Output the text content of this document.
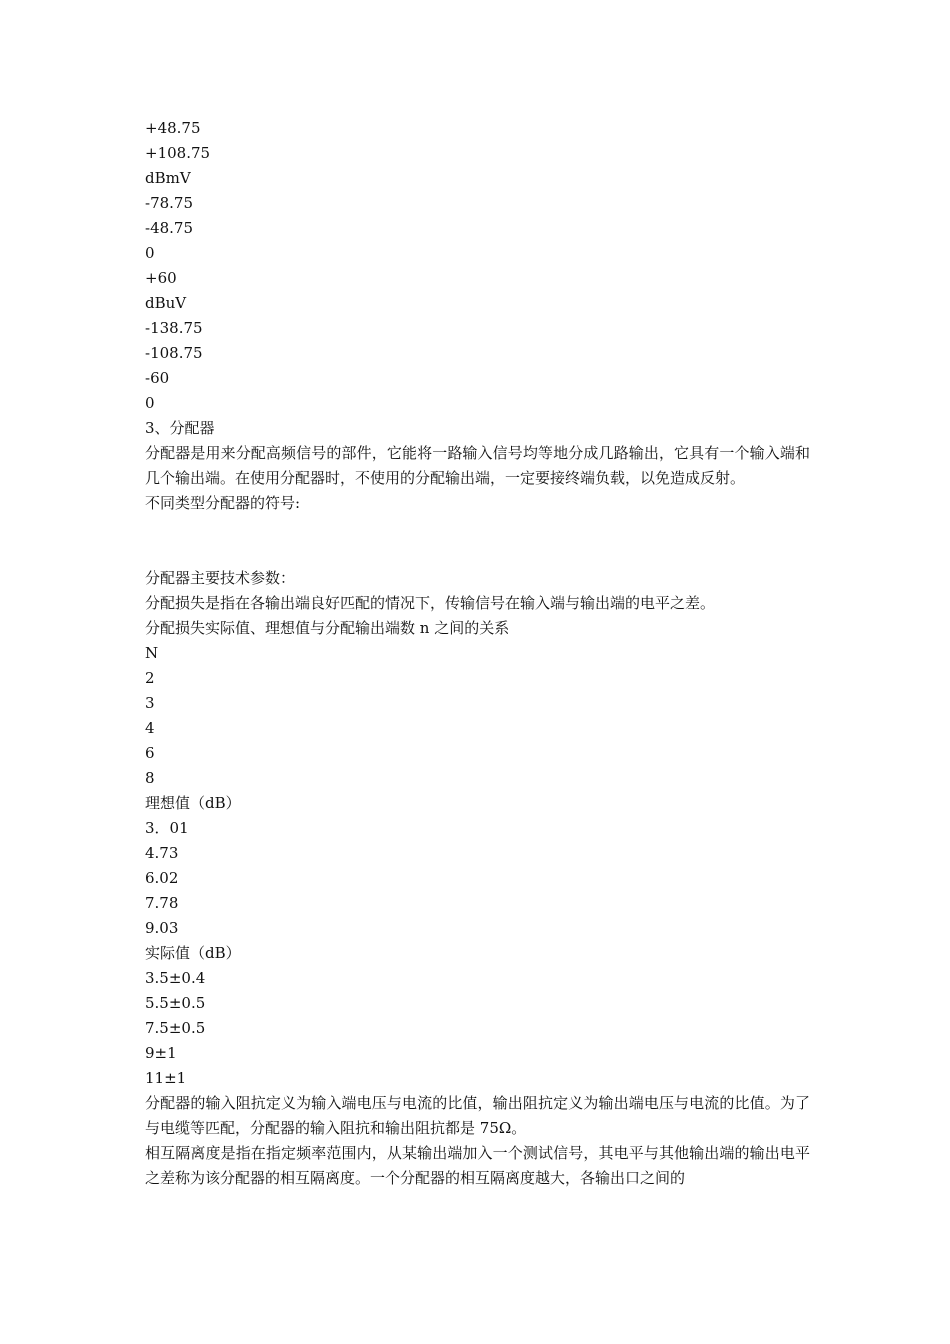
+48.75
+108.75
dBmV
-78.75
-48.75
0
+60
dBuV
-138.75
-108.75
-60
0
3、分配器
分配器是用来分配高频信号的部件，它能将一路输入信号均等地分成几路输出，它具有一个输入端和几个输出端。在使用分配器时，不使用的分配输出端，一定要接终端负载，以免造成反射。
不同类型分配器的符号:
分配器主要技术参数：
分配损失是指在各输出端良好匹配的情况下，传输信号在输入端与输出端的电平之差。
分配损失实际值、理想值与分配输出端数 n 之间的关系
N
2
3
4
6
8
理想值（dB）
3．01
4.73
6.02
7.78
9.03
实际值（dB）
3.5±0.4
5.5±0.5
7.5±0.5
9±1
11±1
分配器的输入阻抗定义为输入端电压与电流的比值，输出阻抗定义为输出端电压与电流的比值。为了与电缆等匹配，分配器的输入阻抗和输出阻抗都是 75Ω。
相互隔离度是指在指定频率范围内，从某输出端加入一个测试信号，其电平与其他输出端的输出电平之差称为该分配器的相互隔离度。一个分配器的相互隔离度越大，各输出口之间的
